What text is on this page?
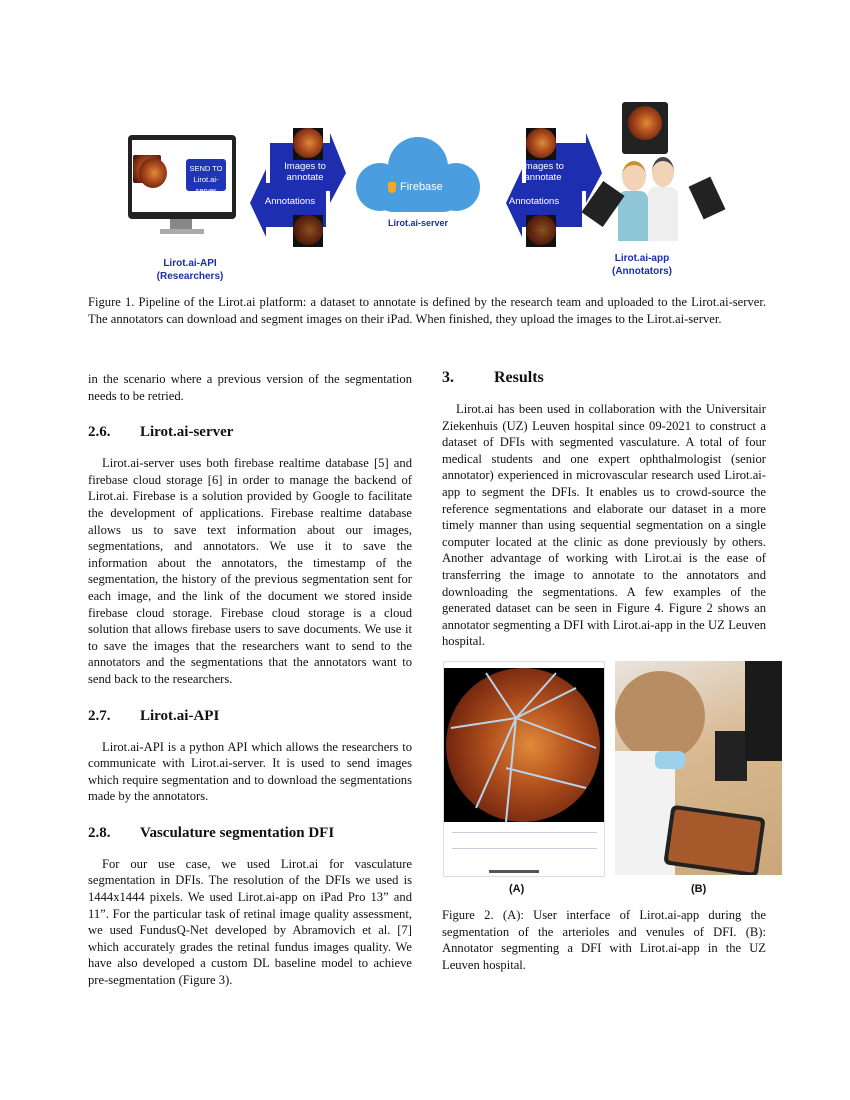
SEND TO Lirot.ai-server
Images to annotate
Annotations
Firebase
Lirot.ai-server
Images to annotate
Annotations
Lirot.ai-API
(Researchers)
Lirot.ai-app
(Annotators)
Figure 1. Pipeline of the Lirot.ai platform: a dataset to annotate is defined by the research team and uploaded to the Lirot.ai-server. The annotators can download and segment images on their iPad. When finished, they upload the images to the Lirot.ai-server.

in the scenario where a previous version of the segmentation needs to be retried.

2.6. Lirot.ai-server

Lirot.ai-server uses both firebase realtime database [5] and firebase cloud storage [6] in order to manage the backend of Lirot.ai. Firebase is a solution provided by Google to facilitate the development of applications. Firebase realtime database allows us to save text information about our images, segmentations, and annotators. We use it to save the information about the annotators, the timestamp of the segmentation, the history of the previous segmentation sent for each image, and the link of the document we stored inside firebase cloud storage. Firebase cloud storage is a cloud solution that allows firebase users to save documents. We use it to save the images that the researchers want to send to the annotators and the segmentations that the annotators want to send back to the researchers.

2.7. Lirot.ai-API

Lirot.ai-API is a python API which allows the researchers to communicate with Lirot.ai-server. It is used to send images which require segmentation and to download the segmentations made by the annotators.

2.8. Vasculature segmentation DFI

For our use case, we used Lirot.ai for vasculature segmentation in DFIs. The resolution of the DFIs we used is 1444x1444 pixels. We used Lirot.ai-app on iPad Pro 13” and 11”. For the particular task of retinal image quality assessment, we used FundusQ-Net developed by Abramovich et al. [7] which accurately grades the retinal fundus images quality. We have also developed a custom DL baseline model to achieve pre-segmentation (Figure 3).

3.	Results

Lirot.ai has been used in collaboration with the Universitair Ziekenhuis (UZ) Leuven hospital since 09-2021 to construct a dataset of DFIs with segmented vasculature. A total of four medical students and one expert ophthalmologist (senior annotator) experienced in microvascular research used Lirot.ai-app to segment the DFIs. It enables us to crowd-source the reference segmentations and elaborate our dataset in a more timely manner than using sequential segmentation on a single computer located at the clinic as done previously by others. Another advantage of working with Lirot.ai is the ease of transferring the image to annotate to the annotators and downloading the segmentations. A few examples of the generated dataset can be seen in Figure 4. Figure 2 shows an annotator segmenting a DFI with Lirot.ai-app in the UZ Leuven hospital.

(A)	(B)
Figure 2. (A): User interface of Lirot.ai-app during the segmentation of the arterioles and venules of DFI. (B): Annotator segmenting a DFI with Lirot.ai-app in the UZ Leuven hospital.
